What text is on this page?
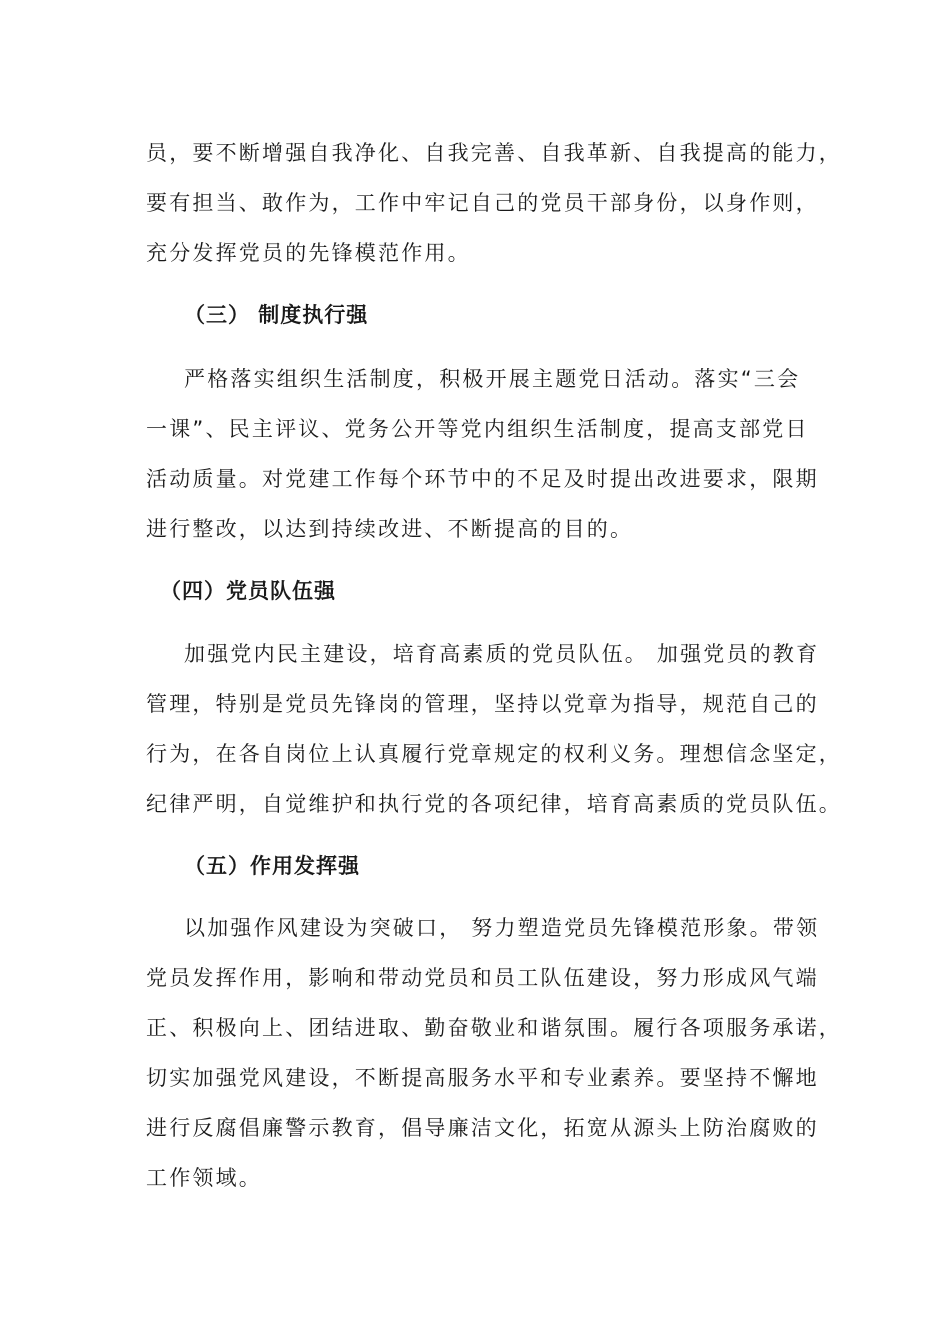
员，要不断增强自我净化、自我完善、自我革新、自我提高的能力，
要有担当、敢作为，工作中牢记自己的党员干部身份，以身作则，
充分发挥党员的先锋模范作用。
（三） 制度执行强
严格落实组织生活制度，积极开展主题党日活动。落实“三会
一课”、民主评议、党务公开等党内组织生活制度，提高支部党日
活动质量。对党建工作每个环节中的不足及时提出改进要求，限期
进行整改，以达到持续改进、不断提高的目的。
（四）党员队伍强
加强党内民主建设，培育高素质的党员队伍。 加强党员的教育
管理，特别是党员先锋岗的管理，坚持以党章为指导，规范自己的
行为，在各自岗位上认真履行党章规定的权利义务。理想信念坚定，
纪律严明，自觉维护和执行党的各项纪律，培育高素质的党员队伍。
（五）作用发挥强
以加强作风建设为突破口， 努力塑造党员先锋模范形象。带领
党员发挥作用，影响和带动党员和员工队伍建设，努力形成风气端
正、积极向上、团结进取、勤奋敬业和谐氛围。履行各项服务承诺，
切实加强党风建设，不断提高服务水平和专业素养。要坚持不懈地
进行反腐倡廉警示教育，倡导廉洁文化，拓宽从源头上防治腐败的
工作领域。
